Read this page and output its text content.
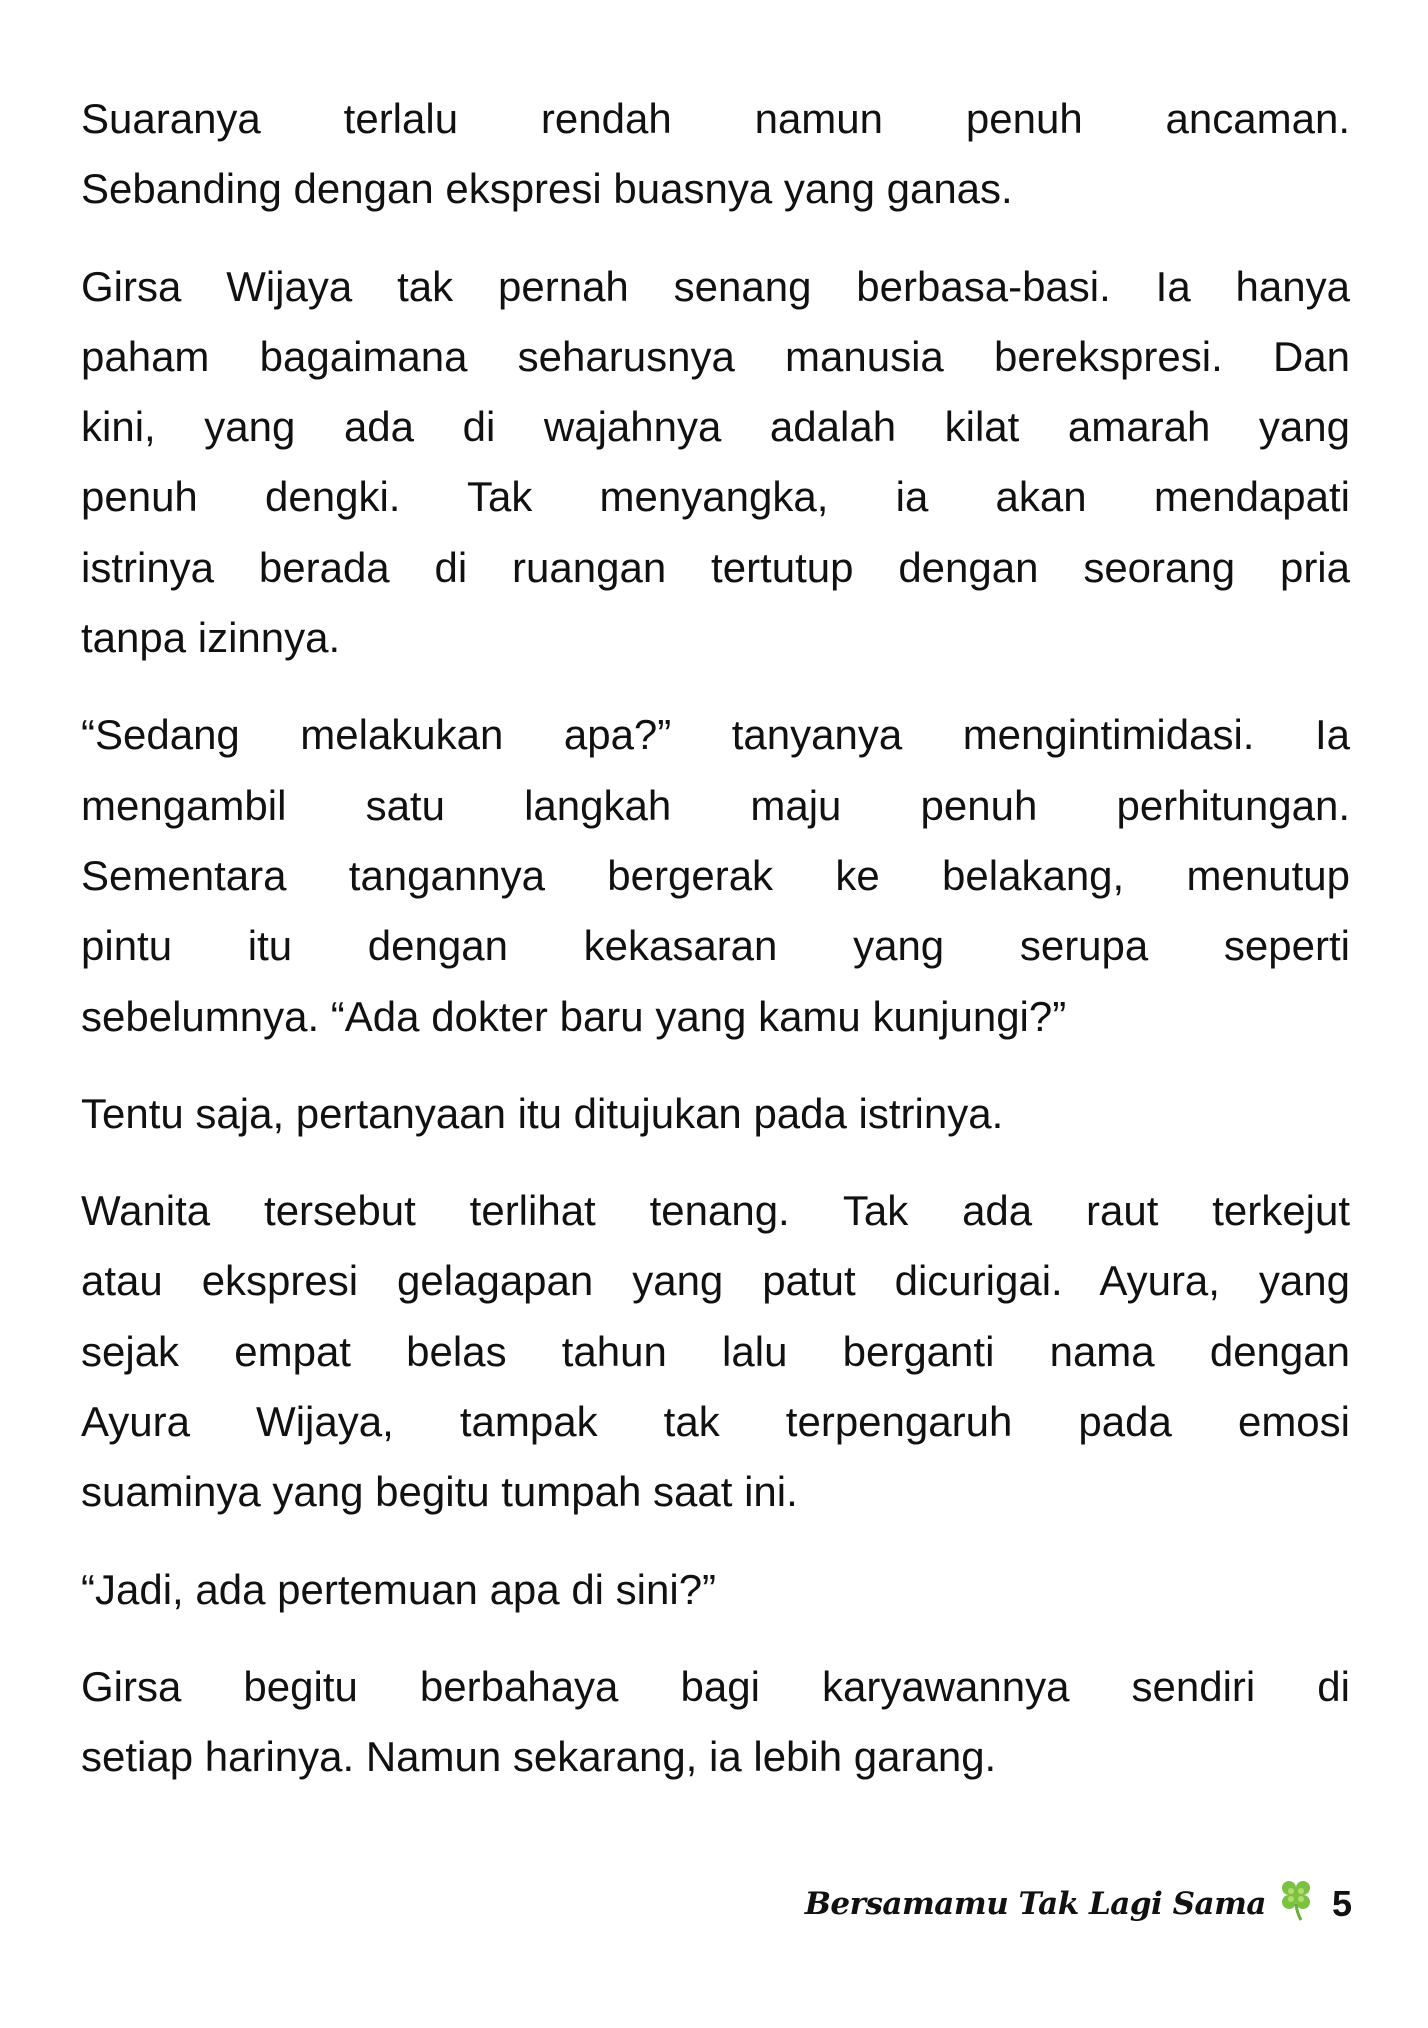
Suaranya terlalu rendah namun penuh ancaman.
Sebanding dengan ekspresi buasnya yang ganas.
Girsa Wijaya tak pernah senang berbasa-basi. Ia hanya
paham bagaimana seharusnya manusia berekspresi. Dan
kini, yang ada di wajahnya adalah kilat amarah yang
penuh dengki. Tak menyangka, ia akan mendapati
istrinya berada di ruangan tertutup dengan seorang pria
tanpa izinnya.
“Sedang melakukan apa?” tanyanya mengintimidasi. Ia
mengambil satu langkah maju penuh perhitungan.
Sementara tangannya bergerak ke belakang, menutup
pintu itu dengan kekasaran yang serupa seperti
sebelumnya. “Ada dokter baru yang kamu kunjungi?”
Tentu saja, pertanyaan itu ditujukan pada istrinya.
Wanita tersebut terlihat tenang. Tak ada raut terkejut
atau ekspresi gelagapan yang patut dicurigai. Ayura, yang
sejak empat belas tahun lalu berganti nama dengan
Ayura Wijaya, tampak tak terpengaruh pada emosi
suaminya yang begitu tumpah saat ini.
“Jadi, ada pertemuan apa di sini?”
Girsa begitu berbahaya bagi karyawannya sendiri di
setiap harinya. Namun sekarang, ia lebih garang.
Bersamamu Tak Lagi Sama 5
